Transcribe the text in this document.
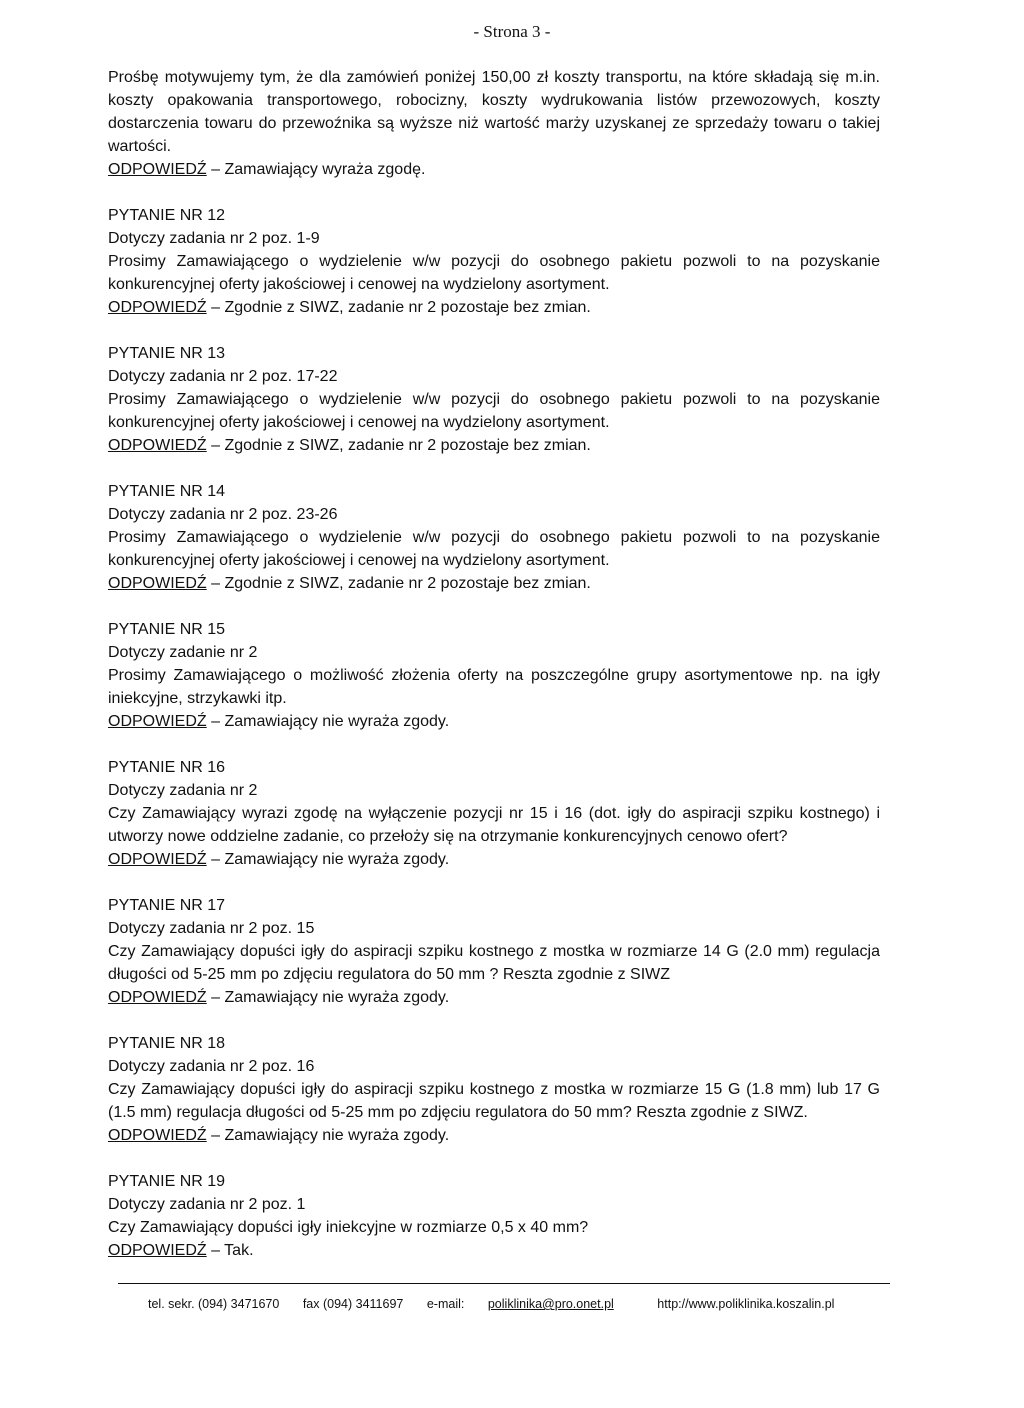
- Strona 3 -

Prośbę motywujemy tym, że dla zamówień poniżej 150,00 zł koszty transportu, na które składają się m.in. koszty opakowania transportowego, robocizny, koszty wydrukowania listów przewozowych, koszty dostarczenia towaru do przewoźnika są wyższe niż wartość marży uzyskanej ze sprzedaży towaru o takiej wartości.

ODPOWIEDŹ – Zamawiający wyraża zgodę.

PYTANIE NR 12

Dotyczy zadania nr 2 poz. 1-9

Prosimy Zamawiającego o wydzielenie w/w pozycji do osobnego pakietu pozwoli to na pozyskanie konkurencyjnej oferty jakościowej i cenowej na wydzielony asortyment.

ODPOWIEDŹ – Zgodnie z SIWZ, zadanie nr 2 pozostaje bez zmian.

PYTANIE NR 13

Dotyczy zadania nr 2 poz. 17-22

Prosimy Zamawiającego o wydzielenie w/w pozycji do osobnego pakietu pozwoli to na pozyskanie konkurencyjnej oferty jakościowej i cenowej na wydzielony asortyment.

ODPOWIEDŹ – Zgodnie z SIWZ, zadanie nr 2 pozostaje bez zmian.

PYTANIE NR 14

Dotyczy zadania nr 2 poz. 23-26

Prosimy Zamawiającego o wydzielenie w/w pozycji do osobnego pakietu pozwoli to na pozyskanie konkurencyjnej oferty jakościowej i cenowej na wydzielony asortyment.

ODPOWIEDŹ – Zgodnie z SIWZ, zadanie nr 2 pozostaje bez zmian.

PYTANIE NR 15

Dotyczy zadanie nr 2

Prosimy Zamawiającego o możliwość złożenia oferty na poszczególne grupy asortymentowe np. na igły iniekcyjne, strzykawki itp.

ODPOWIEDŹ – Zamawiający nie wyraża zgody.

PYTANIE NR 16

Dotyczy zadania nr 2

Czy Zamawiający wyrazi zgodę na wyłączenie pozycji nr 15 i 16 (dot. igły do aspiracji szpiku kostnego) i utworzy nowe oddzielne zadanie, co przełoży się na otrzymanie konkurencyjnych cenowo ofert?

ODPOWIEDŹ – Zamawiający nie wyraża zgody.

PYTANIE NR 17

Dotyczy zadania nr 2 poz. 15

Czy Zamawiający dopuści igły do aspiracji szpiku kostnego z mostka w rozmiarze 14 G (2.0 mm) regulacja długości od 5-25 mm po zdjęciu regulatora do 50 mm ? Reszta zgodnie z SIWZ

ODPOWIEDŹ – Zamawiający nie wyraża zgody.

PYTANIE NR 18

Dotyczy zadania nr 2 poz. 16

Czy Zamawiający dopuści igły do aspiracji szpiku kostnego z mostka w rozmiarze 15 G (1.8 mm) lub 17 G (1.5 mm) regulacja długości od 5-25 mm po zdjęciu regulatora do 50 mm? Reszta zgodnie z SIWZ.

ODPOWIEDŹ – Zamawiający nie wyraża zgody.

PYTANIE NR 19

Dotyczy zadania nr 2 poz. 1

Czy Zamawiający dopuści igły iniekcyjne w rozmiarze 0,5 x 40 mm?

ODPOWIEDŹ – Tak.

tel. sekr. (094) 3471670 fax (094) 3411697 e-mail: poliklinika@pro.onet.pl	http://www.poliklinika.koszalin.pl
